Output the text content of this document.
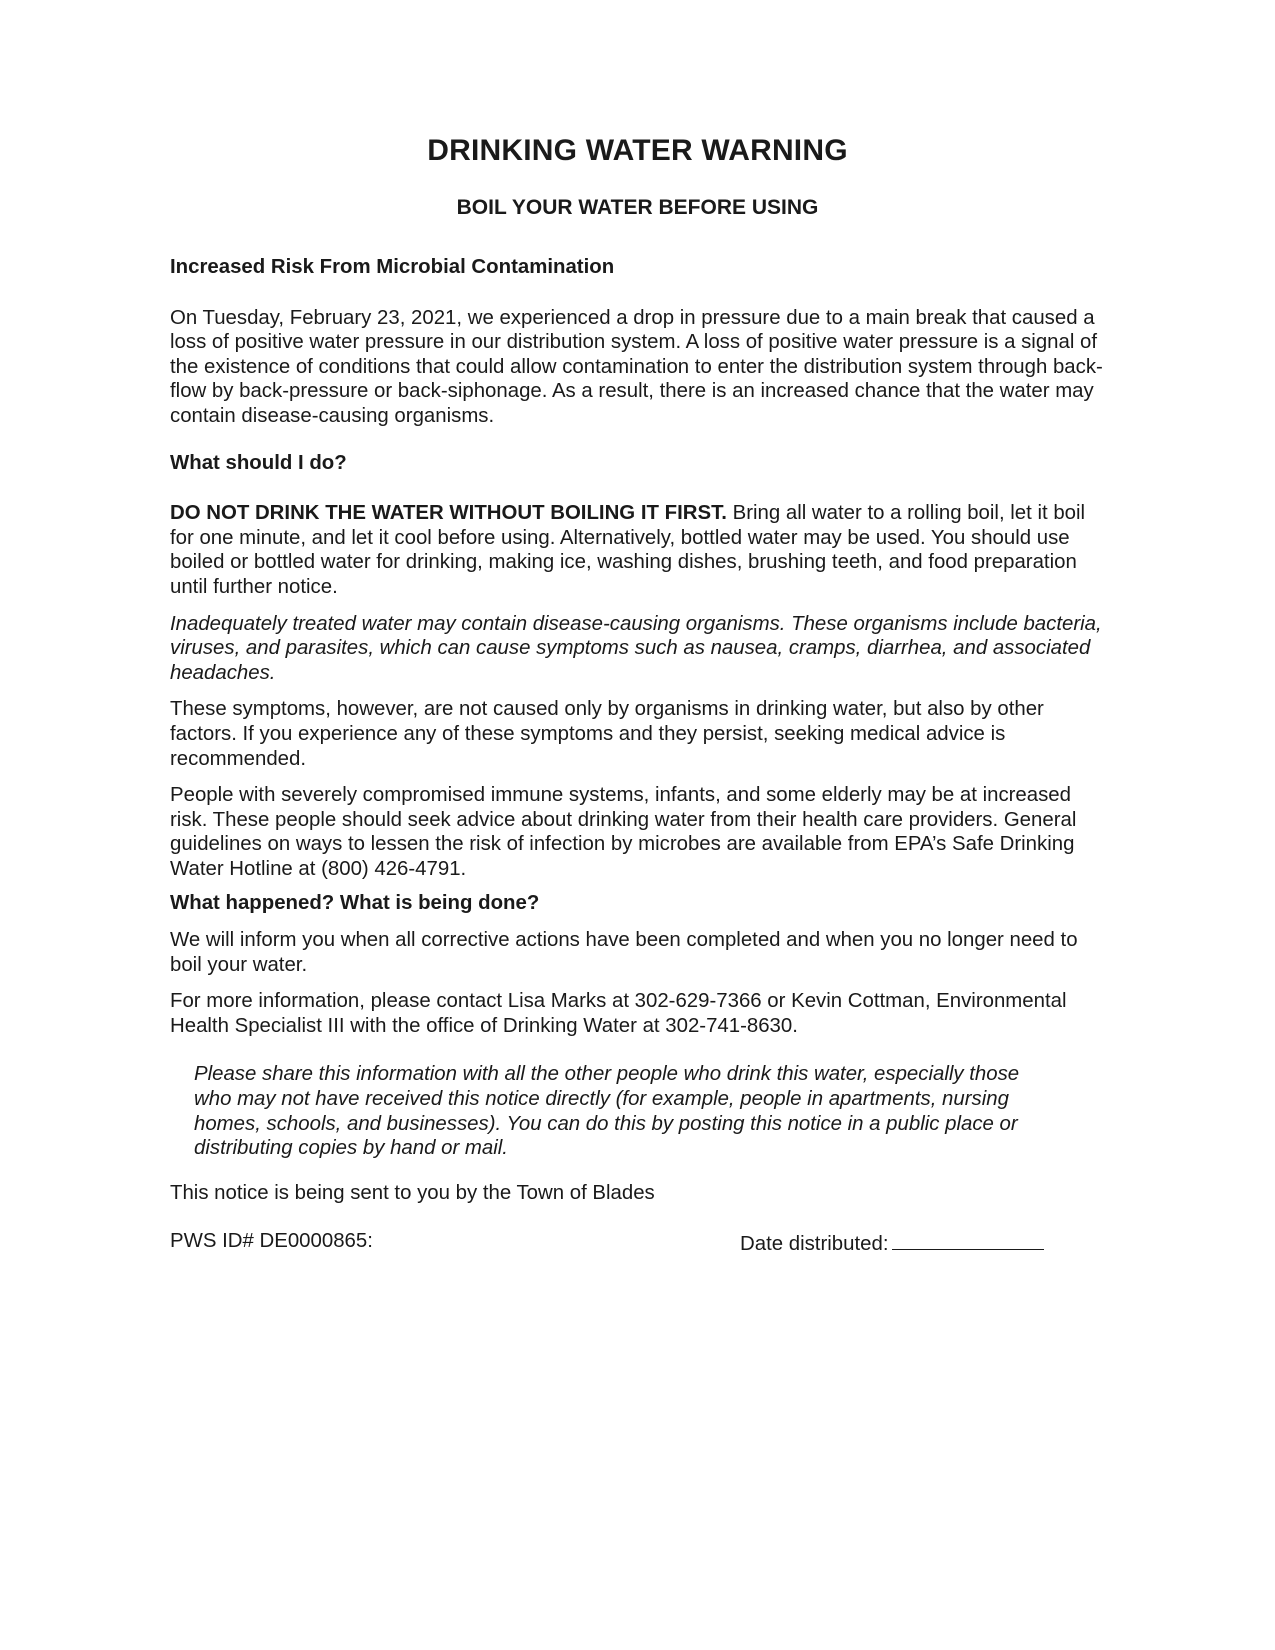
DRINKING WATER WARNING
BOIL YOUR WATER BEFORE USING

Increased Risk From Microbial Contamination

On Tuesday, February 23, 2021, we experienced a drop in pressure due to a main break that caused a loss of positive water pressure in our distribution system. A loss of positive water pressure is a signal of the existence of conditions that could allow contamination to enter the distribution system through back-flow by back-pressure or back-siphonage. As a result, there is an increased chance that the water may contain disease-causing organisms.

What should I do?

DO NOT DRINK THE WATER WITHOUT BOILING IT FIRST. Bring all water to a rolling boil, let it boil for one minute, and let it cool before using. Alternatively, bottled water may be used. You should use boiled or bottled water for drinking, making ice, washing dishes, brushing teeth, and food preparation until further notice.

Inadequately treated water may contain disease-causing organisms. These organisms include bacteria, viruses, and parasites, which can cause symptoms such as nausea, cramps, diarrhea, and associated headaches.

These symptoms, however, are not caused only by organisms in drinking water, but also by other factors. If you experience any of these symptoms and they persist, seeking medical advice is recommended.

People with severely compromised immune systems, infants, and some elderly may be at increased risk. These people should seek advice about drinking water from their health care providers. General guidelines on ways to lessen the risk of infection by microbes are available from EPA’s Safe Drinking Water Hotline at (800) 426-4791.

What happened? What is being done?

We will inform you when all corrective actions have been completed and when you no longer need to boil your water.

For more information, please contact Lisa Marks at 302-629-7366 or Kevin Cottman, Environmental Health Specialist III with the office of Drinking Water at 302-741-8630.

Please share this information with all the other people who drink this water, especially those who may not have received this notice directly (for example, people in apartments, nursing homes, schools, and businesses). You can do this by posting this notice in a public place or distributing copies by hand or mail.

This notice is being sent to you by the Town of Blades

PWS ID# DE0000865:	Date distributed:
